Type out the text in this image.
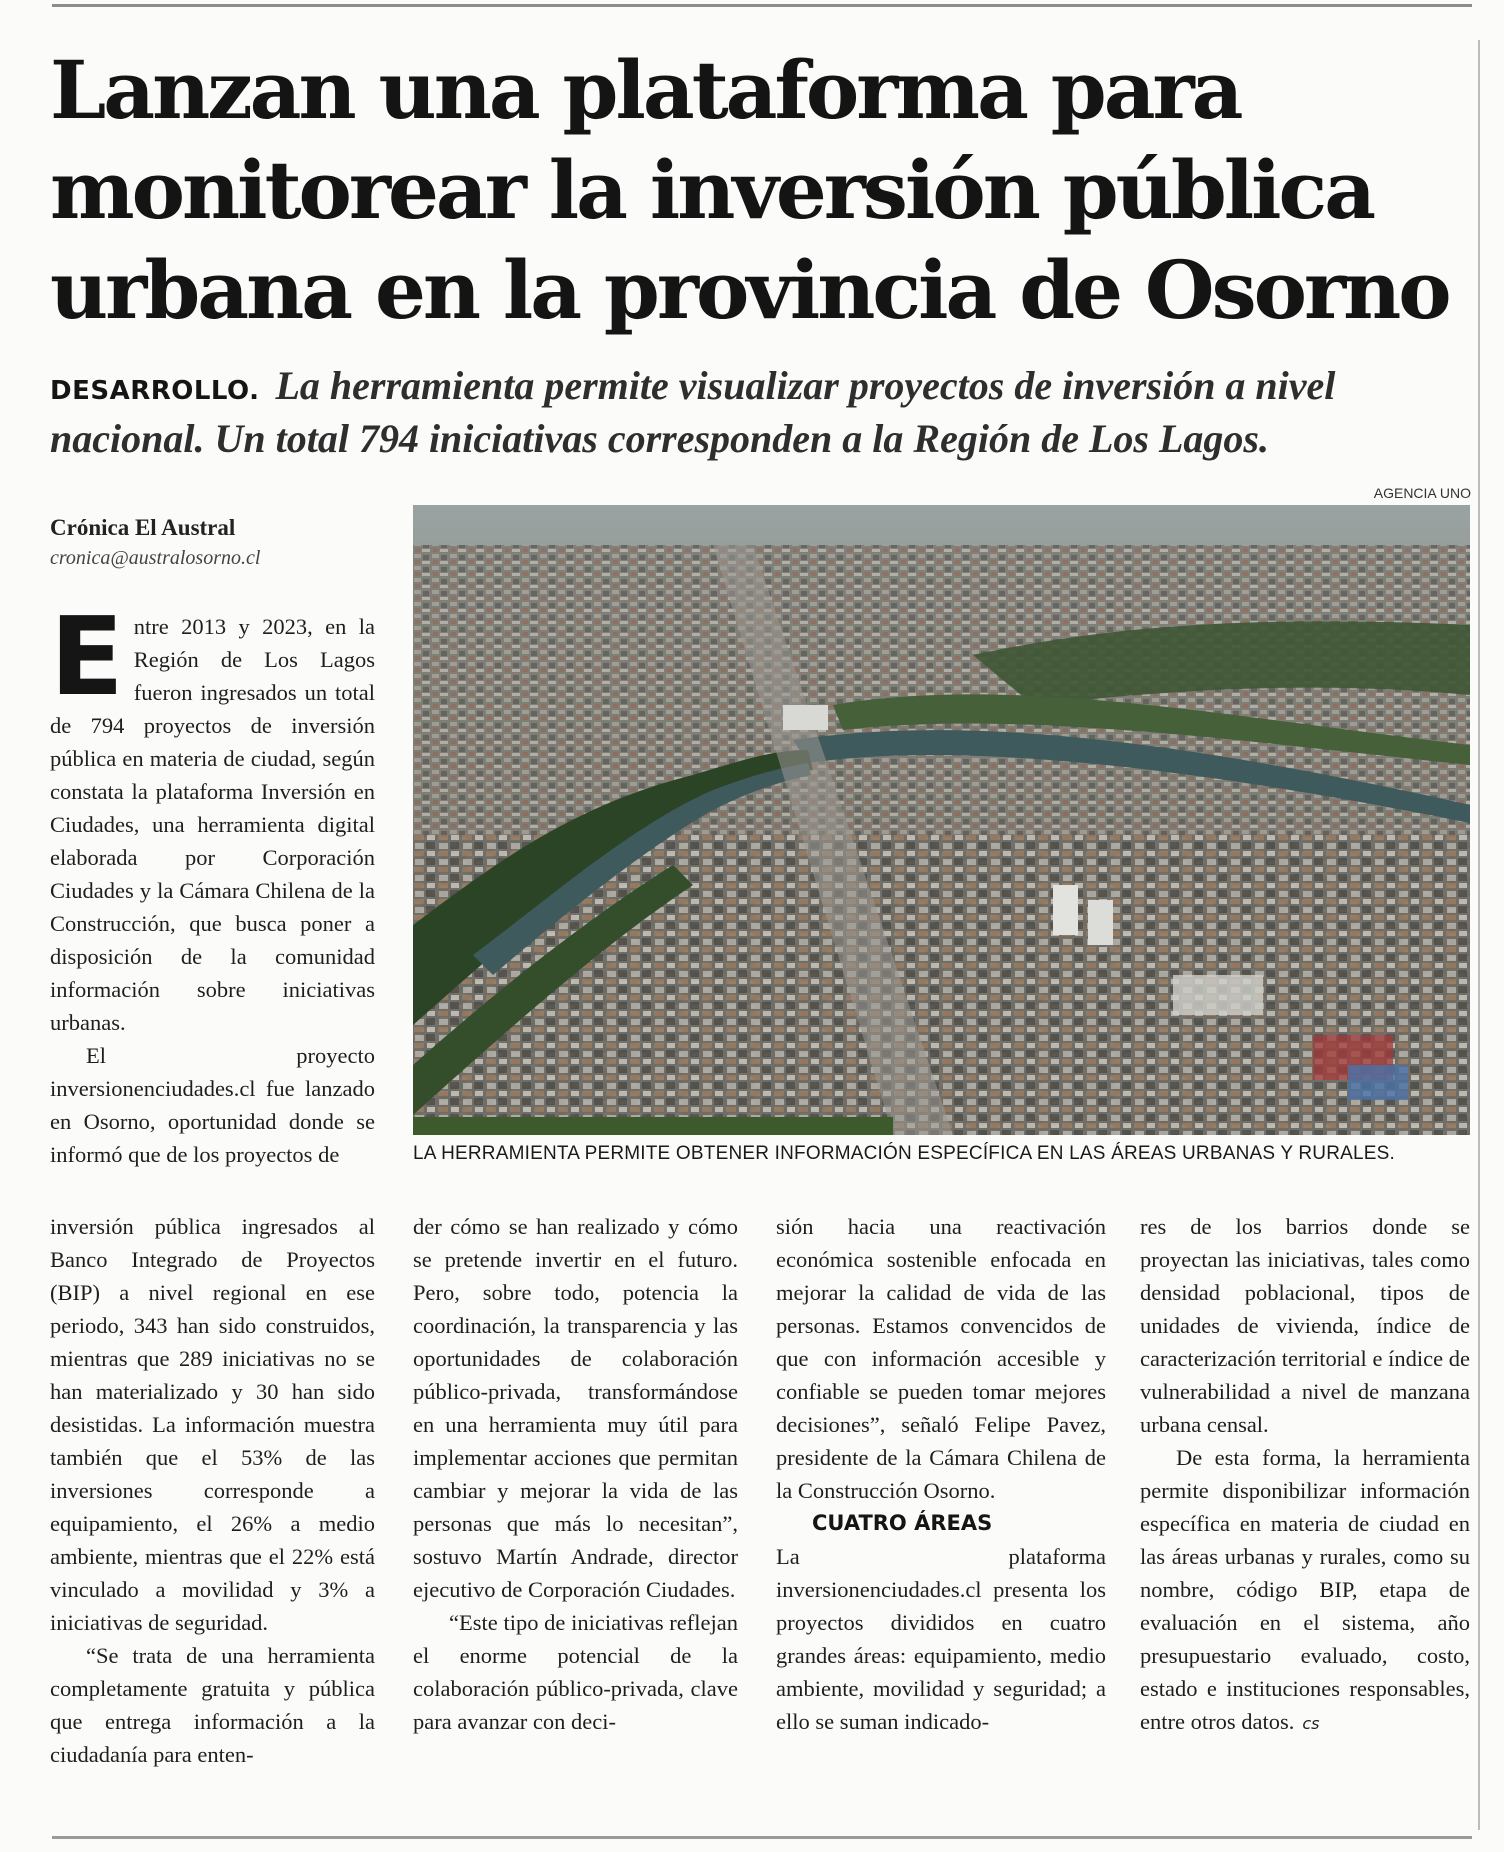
Lanzan una plataforma para
monitorear la inversión pública
urbana en la provincia de Osorno

DESARROLLO. La herramienta permite visualizar proyectos de inversión a nivel nacional. Un total 794 iniciativas corresponden a la Región de Los Lagos.

AGENCIA UNO

LA HERRAMIENTA PERMITE OBTENER INFORMACIÓN ESPECÍFICA EN LAS ÁREAS URBANAS Y RURALES.

Crónica El Austral

cronica@australosorno.cl

Entre 2013 y 2023, en la Región de Los Lagos fueron ingresados un total de 794 proyectos de inversión pública en materia de ciudad, según constata la plataforma Inversión en Ciudades, una herramienta digital elaborada por Corporación Ciudades y la Cámara Chilena de la Construcción, que busca poner a disposición de la comunidad información sobre iniciativas urbanas.

El proyecto inversionenciudades.cl fue lanzado en Osorno, oportunidad donde se informó que de los proyectos de

inversión pública ingresados al Banco Integrado de Proyectos (BIP) a nivel regional en ese periodo, 343 han sido construidos, mientras que 289 iniciativas no se han materializado y 30 han sido desistidas. La información muestra también que el 53% de las inversiones corresponde a equipamiento, el 26% a medio ambiente, mientras que el 22% está vinculado a movilidad y 3% a iniciativas de seguridad.

“Se trata de una herramienta completamente gratuita y pública que entrega información a la ciudadanía para enten-

der cómo se han realizado y cómo se pretende invertir en el futuro. Pero, sobre todo, potencia la coordinación, la transparencia y las oportunidades de colaboración público-privada, transformándose en una herramienta muy útil para implementar acciones que permitan cambiar y mejorar la vida de las personas que más lo necesitan”, sostuvo Martín Andrade, director ejecutivo de Corporación Ciudades.

“Este tipo de iniciativas reflejan el enorme potencial de la colaboración público-privada, clave para avanzar con deci-

sión hacia una reactivación económica sostenible enfocada en mejorar la calidad de vida de las personas. Estamos convencidos de que con información accesible y confiable se pueden tomar mejores decisiones”, señaló Felipe Pavez, presidente de la Cámara Chilena de la Construcción Osorno.

CUATRO ÁREAS

La plataforma inversionenciudades.cl presenta los proyectos divididos en cuatro grandes áreas: equipamiento, medio ambiente, movilidad y seguridad; a ello se suman indicado-

res de los barrios donde se proyectan las iniciativas, tales como densidad poblacional, tipos de unidades de vivienda, índice de caracterización territorial e índice de vulnerabilidad a nivel de manzana urbana censal.

De esta forma, la herramienta permite disponibilizar información específica en materia de ciudad en las áreas urbanas y rurales, como su nombre, código BIP, etapa de evaluación en el sistema, año presupuestario evaluado, costo, estado e instituciones responsables, entre otros datos. cs
